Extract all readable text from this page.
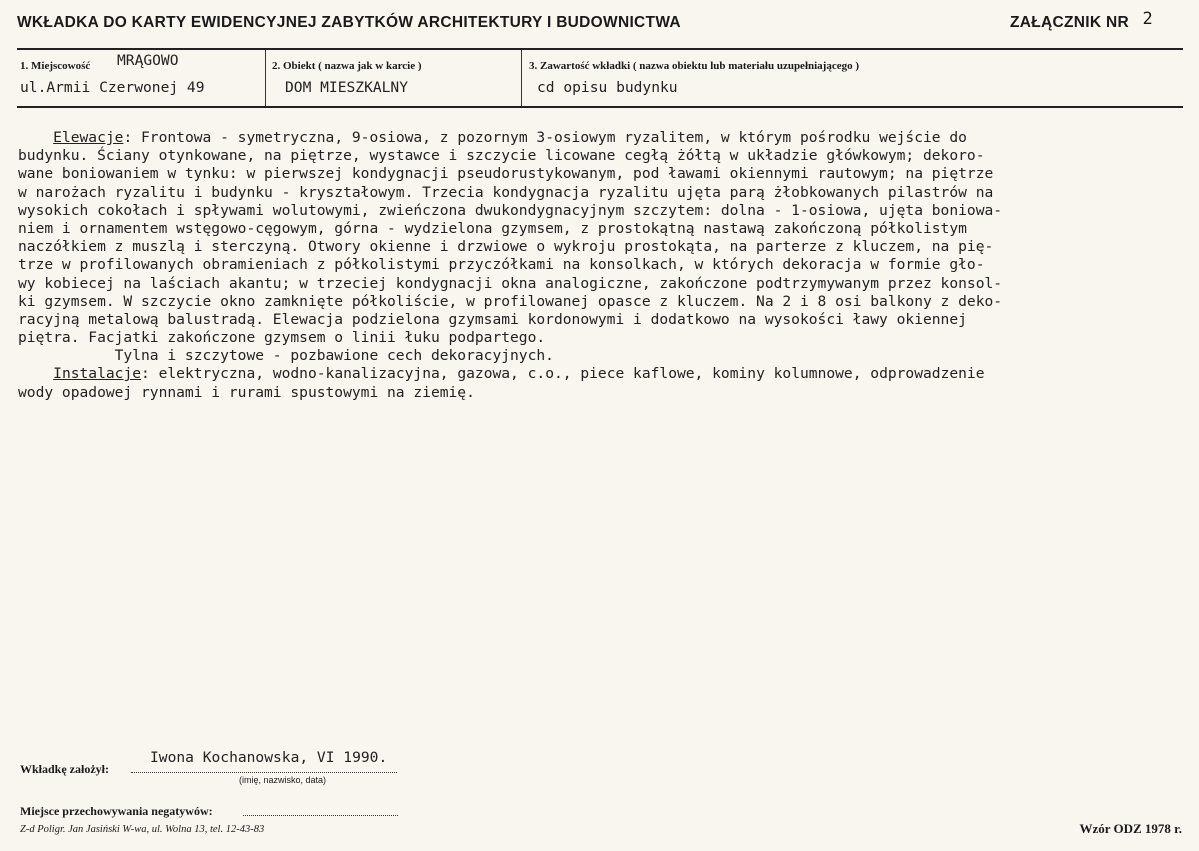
WKŁADKA DO KARTY EWIDENCYJNEJ ZABYTKÓW ARCHITEKTURY I BUDOWNICTWA	ZAŁĄCZNIK NR 2
1. Miejscowość MRĄGOWO
ul.Armii Czerwonej 49
2. Obiekt ( nazwa jak w karcie )
DOM MIESZKALNY
3. Zawartość wkładki ( nazwa obiektu lub materiału uzupełniającego )
cd opisu budynku
Elewacje: Frontowa - symetryczna, 9-osiowa, z pozornym 3-osiowym ryzalitem, w którym pośrodku wejście do
budynku. Ściany otynkowane, na piętrze, wystawce i szczycie licowane cegłą żółtą w układzie główkowym; dekoro-
wane boniowaniem w tynku: w pierwszej kondygnacji pseudorustykowanym, pod ławami okiennymi rautowym; na piętrze
w narożach ryzalitu i budynku - kryształowym. Trzecia kondygnacja ryzalitu ujęta parą żłobkowanych pilastrów na
wysokich cokołach i spływami wolutowymi, zwieńczona dwukondygnacyjnym szczytem: dolna - 1-osiowa, ujęta boniowa-
niem i ornamentem wstęgowo-cęgowym, górna - wydzielona gzymsem, z prostokątną nastawą zakończoną półkolistym
naczółkiem z muszlą i sterczyną. Otwory okienne i drzwiowe o wykroju prostokąta, na parterze z kluczem, na pię-
trze w profilowanych obramieniach z półkolistymi przyczółkami na konsolkach, w których dekoracja w formie gło-
wy kobiecej na laściach akantu; w trzeciej kondygnacji okna analogiczne, zakończone podtrzymywanym przez konsol-
ki gzymsem. W szczycie okno zamknięte półkoliście, w profilowanej opasce z kluczem. Na 2 i 8 osi balkony z deko-
racyjną metalową balustradą. Elewacja podzielona gzymsami kordonowymi i dodatkowo na wysokości ławy okiennej
piętra. Facjatki zakończone gzymsem o linii łuku podpartego.
Tylna i szczytowe - pozbawione cech dekoracyjnych.
Instalacje: elektryczna, wodno-kanalizacyjna, gazowa, c.o., piece kaflowe, kominy kolumnowe, odprowadzenie
wody opadowej rynnami i rurami spustowymi na ziemię.
Wkładkę założył:
Iwona Kochanowska, VI 1990.
(imię, nazwisko, data)
Miejsce przechowywania negatywów:
Z-d Poligr. Jan Jasiński W-wa, ul. Wolna 13, tel. 12-43-83	Wzór ODZ 1978 r.
